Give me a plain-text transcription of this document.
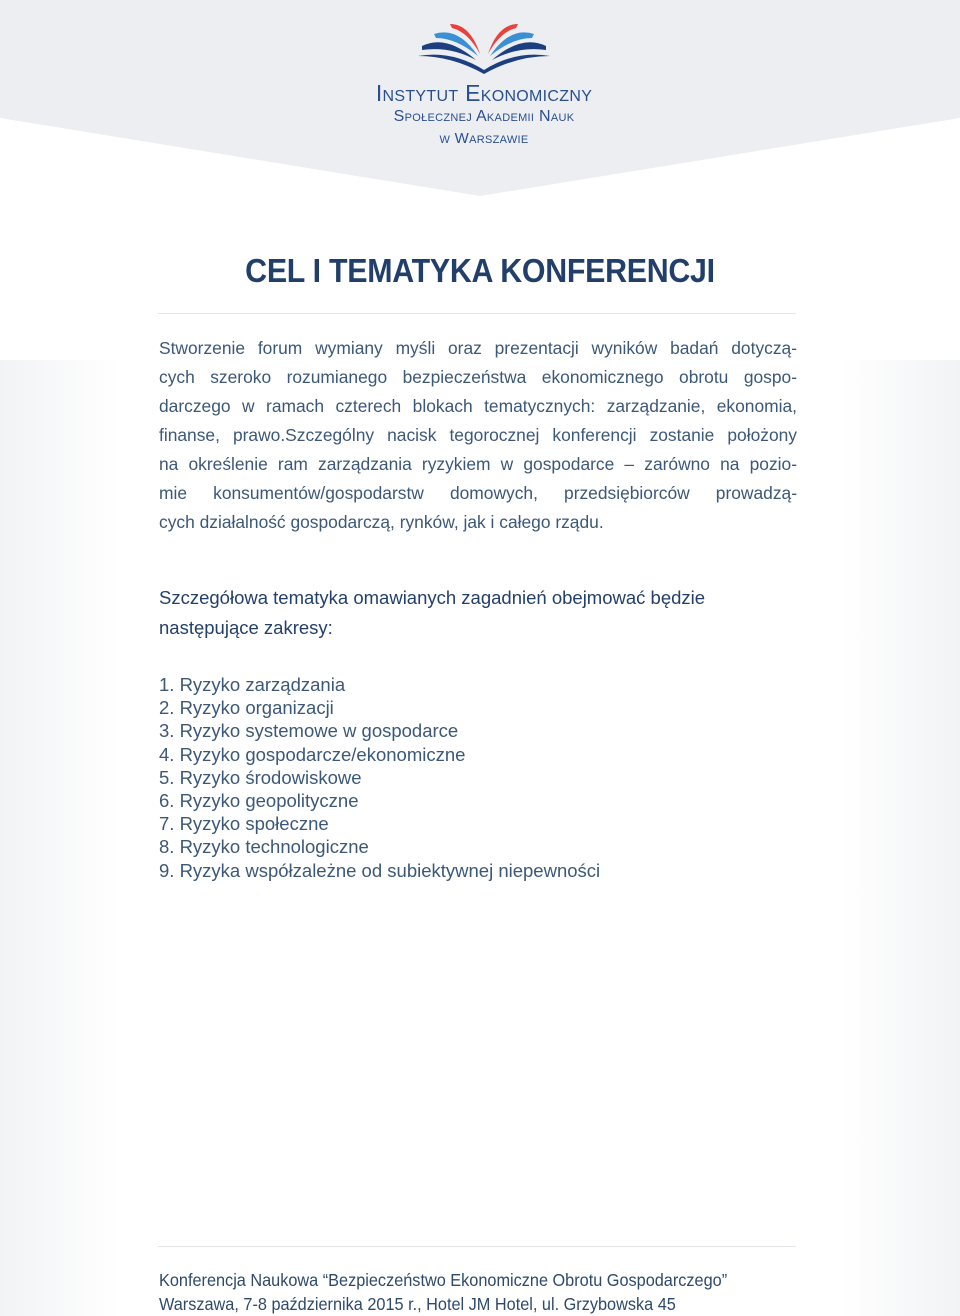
Instytut Ekonomiczny
Społecznej Akademii Nauk
w Warszawie
CEL I TEMATYKA KONFERENCJI
Stworzenie forum wymiany myśli oraz prezentacji wyników badań dotyczą-
cych szeroko rozumianego bezpieczeństwa ekonomicznego obrotu gospo-
darczego w ramach czterech blokach tematycznych: zarządzanie, ekonomia,
finanse, prawo.Szczególny nacisk tegorocznej konferencji zostanie położony
na określenie ram zarządzania ryzykiem w gospodarce – zarówno na pozio-
mie konsumentów/gospodarstw domowych, przedsiębiorców prowadzą-
cych działalność gospodarczą, rynków, jak i całego rządu.
Szczegółowa tematyka omawianych zagadnień obejmować będzie
następujące zakresy:
1. Ryzyko zarządzania
2. Ryzyko organizacji
3. Ryzyko systemowe w gospodarce
4. Ryzyko gospodarcze/ekonomiczne
5. Ryzyko środowiskowe
6. Ryzyko geopolityczne
7. Ryzyko społeczne
8. Ryzyko technologiczne
9. Ryzyka współzależne od subiektywnej niepewności
Konferencja Naukowa “Bezpieczeństwo Ekonomiczne Obrotu Gospodarczego”
Warszawa, 7-8 października 2015 r., Hotel JM Hotel, ul. Grzybowska 45
